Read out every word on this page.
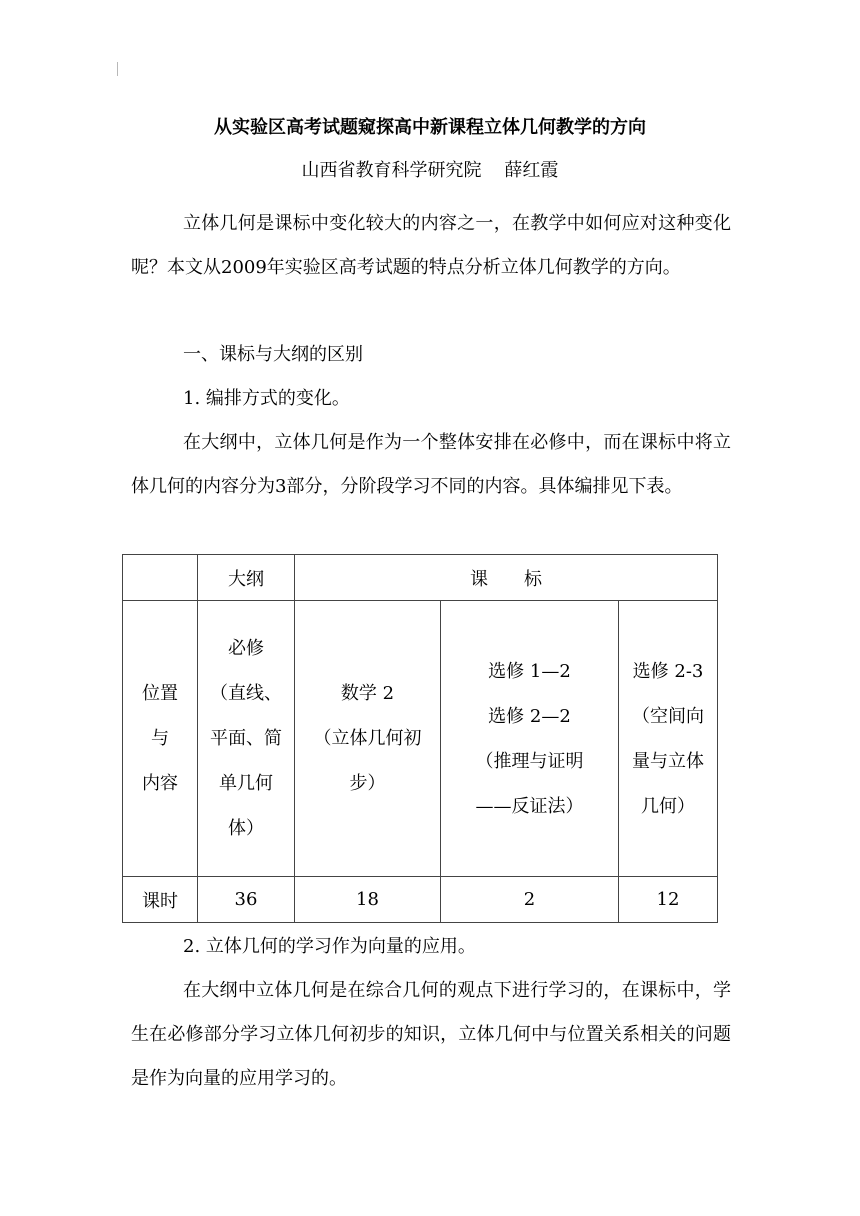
从实验区高考试题窥探高中新课程立体几何教学的方向
山西省教育科学研究院    薛红霞

立体几何是课标中变化较大的内容之一，在教学中如何应对这种变化呢？本文从2009年实验区高考试题的特点分析立体几何教学的方向。

一、课标与大纲的区别

1. 编排方式的变化。

在大纲中，立体几何是作为一个整体安排在必修中，而在课标中将立体几何的内容分为3部分，分阶段学习不同的内容。具体编排见下表。

	大纲	课　　标		
位置
与
内容	必修
（直线、
平面、简
单几何
体）	数学 2
（立体几何初
步）	选修 1—2
选修 2—2
（推理与证明
——反证法）	选修 2-3
（空间向
量与立体
几何）
课时	36	18	2	12

2. 立体几何的学习作为向量的应用。

在大纲中立体几何是在综合几何的观点下进行学习的，在课标中，学生在必修部分学习立体几何初步的知识，立体几何中与位置关系相关的问题是作为向量的应用学习的。
